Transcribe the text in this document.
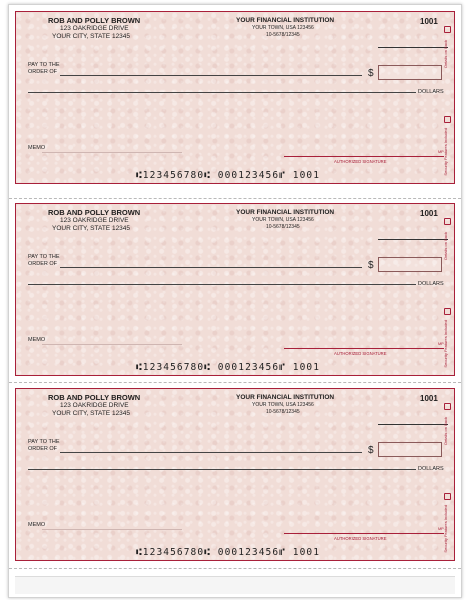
ROB AND POLLY BROWN
123 OAKRIDGE DRIVE
YOUR CITY, STATE 12345
YOUR FINANCIAL INSTITUTION
YOUR TOWN, USA 123456
10-5678/12345
1001
PAY TO THE
ORDER OF	$
DOLLARS
MEMO
AUTHORIZED SIGNATURE
MP
⑆123456780⑆ 000123456⑈ 1001
Details on Back
Security Features Included
ROB AND POLLY BROWN
123 OAKRIDGE DRIVE
YOUR CITY, STATE 12345
YOUR FINANCIAL INSTITUTION
YOUR TOWN, USA 123456
10-5678/12345
1001
PAY TO THE
ORDER OF	$
DOLLARS
MEMO
AUTHORIZED SIGNATURE
MP
⑆123456780⑆ 000123456⑈ 1001
Details on Back
Security Features Included
ROB AND POLLY BROWN
123 OAKRIDGE DRIVE
YOUR CITY, STATE 12345
YOUR FINANCIAL INSTITUTION
YOUR TOWN, USA 123456
10-5678/12345
1001
PAY TO THE
ORDER OF	$
DOLLARS
MEMO
AUTHORIZED SIGNATURE
MP
⑆123456780⑆ 000123456⑈ 1001
Details on Back
Security Features Included
